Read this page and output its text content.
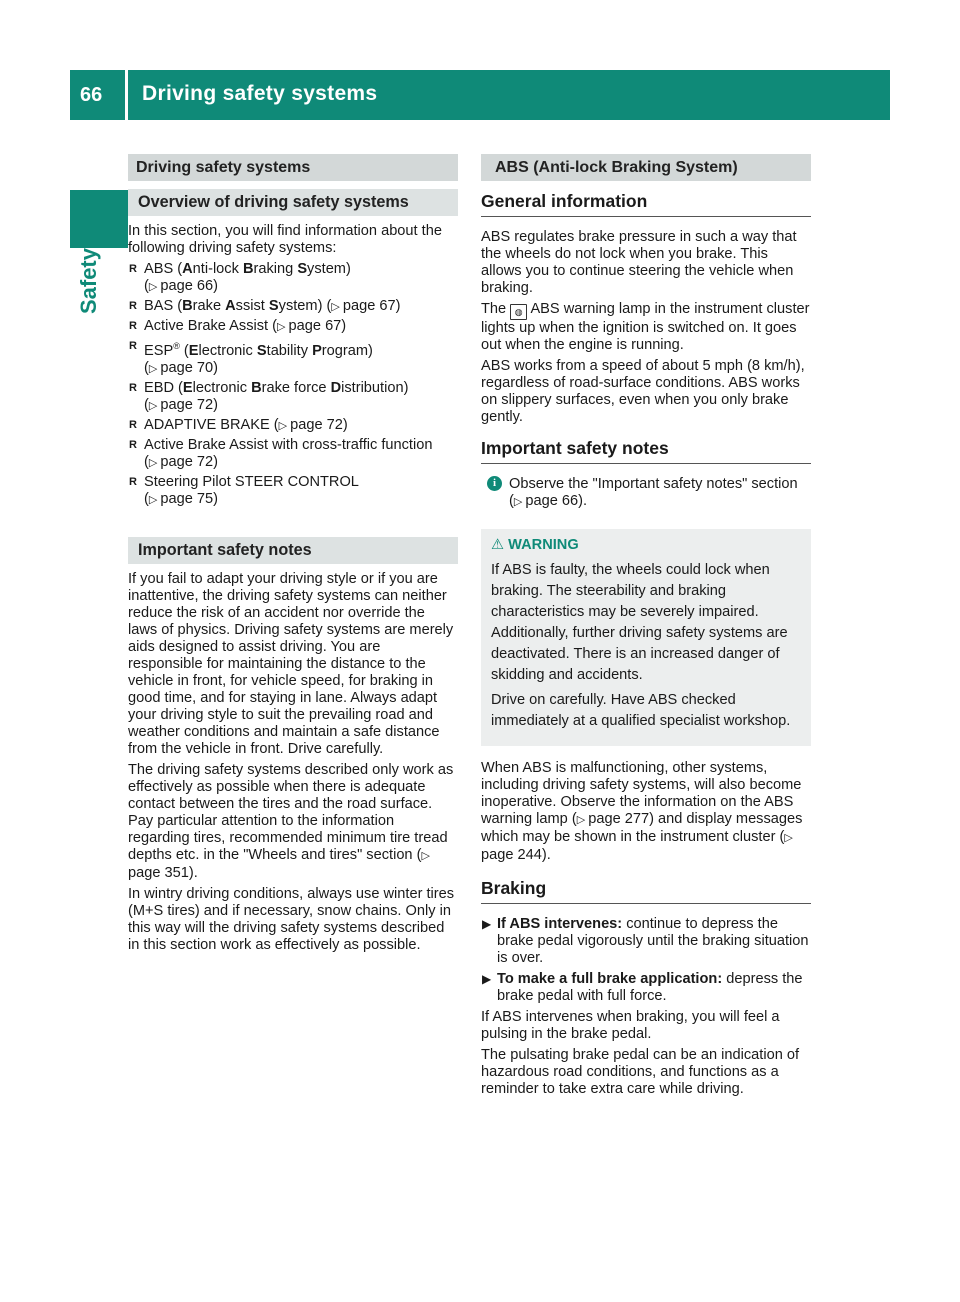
66 Driving safety systems
Safety
Driving safety systems
Overview of driving safety systems

In this section, you will find information about the following driving safety systems:

R ABS (Anti-lock Braking System)
(▷ page 66)
R BAS (Brake Assist System) (▷ page 67)
R Active Brake Assist (▷ page 67)
R ESP® (Electronic Stability Program)
(▷ page 70)
R EBD (Electronic Brake force Distribution)
(▷ page 72)
R ADAPTIVE BRAKE (▷ page 72)
R Active Brake Assist with cross-traffic function
(▷ page 72)
R Steering Pilot STEER CONTROL
(▷ page 75)
Important safety notes

If you fail to adapt your driving style or if you are inattentive, the driving safety systems can neither reduce the risk of an accident nor override the laws of physics. Driving safety systems are merely aids designed to assist driving. You are responsible for maintaining the distance to the vehicle in front, for vehicle speed, for braking in good time, and for staying in lane. Always adapt your driving style to suit the prevailing road and weather conditions and maintain a safe distance from the vehicle in front. Drive carefully.

The driving safety systems described only work as effectively as possible when there is adequate contact between the tires and the road surface. Pay particular attention to the information regarding tires, recommended minimum tire tread depths etc. in the "Wheels and tires" section (▷ page 351).

In wintry driving conditions, always use winter tires (M+S tires) and if necessary, snow chains. Only in this way will the driving safety systems described in this section work as effectively as possible.

ABS (Anti-lock Braking System)
General information

ABS regulates brake pressure in such a way that the wheels do not lock when you brake. This allows you to continue steering the vehicle when braking.

The ◍ ABS warning lamp in the instrument cluster lights up when the ignition is switched on. It goes out when the engine is running.

ABS works from a speed of about 5 mph (8 km/h), regardless of road-surface conditions. ABS works on slippery surfaces, even when you only brake gently.

Important safety notes
i Observe the "Important safety notes" section (▷ page 66).
⚠ WARNING

If ABS is faulty, the wheels could lock when braking. The steerability and braking characteristics may be severely impaired. Additionally, further driving safety systems are deactivated. There is an increased danger of skidding and accidents.

Drive on carefully. Have ABS checked immediately at a qualified specialist workshop.

When ABS is malfunctioning, other systems, including driving safety systems, will also become inoperative. Observe the information on the ABS warning lamp (▷ page 277) and display messages which may be shown in the instrument cluster (▷ page 244).

Braking
▶ If ABS intervenes: continue to depress the brake pedal vigorously until the braking situation is over.
▶ To make a full brake application: depress the brake pedal with full force.

If ABS intervenes when braking, you will feel a pulsing in the brake pedal.

The pulsating brake pedal can be an indication of hazardous road conditions, and functions as a reminder to take extra care while driving.
